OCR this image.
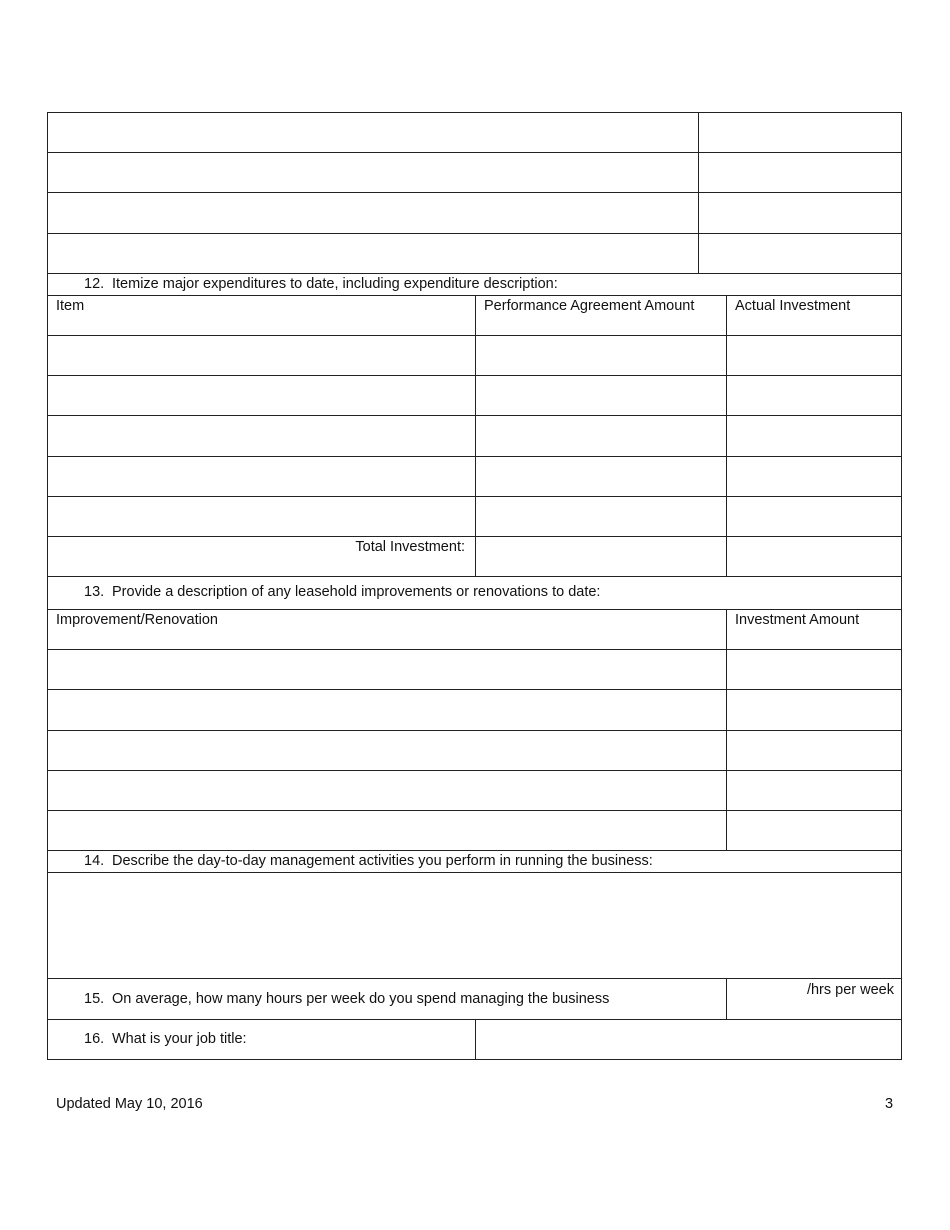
12. Itemize major expenditures to date, including expenditure description:
Item	Performance Agreement Amount	Actual Investment
Total Investment:
13. Provide a description of any leasehold improvements or renovations to date:
Improvement/Renovation	Investment Amount
14. Describe the day-to-day management activities you perform in running the business:
15. On average, how many hours per week do you spend managing the business
/hrs per week
16. What is your job title:
Updated May 10, 2016	3
